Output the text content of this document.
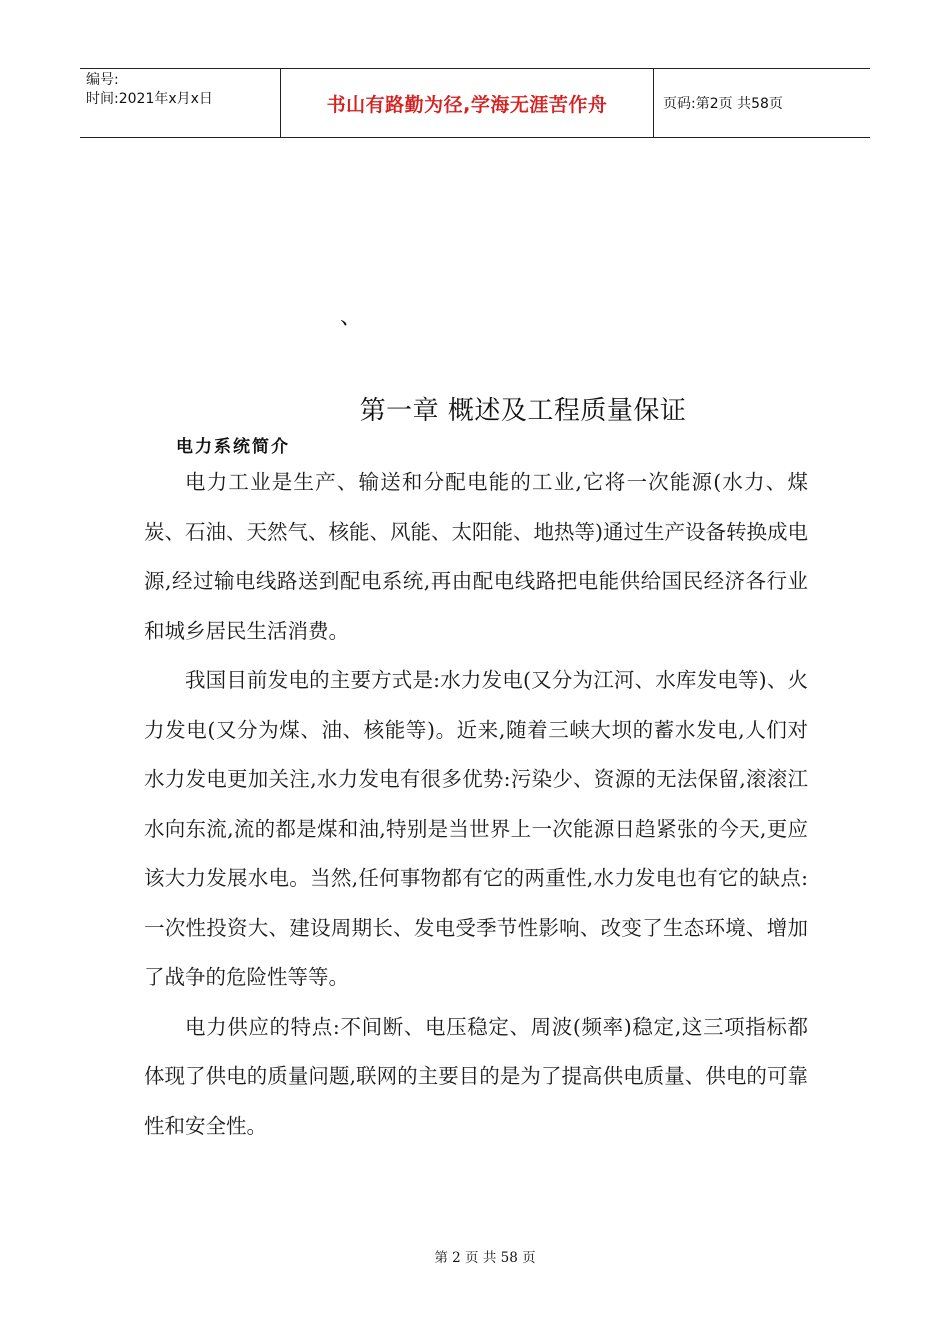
编号:
时间:2021年x月x日	书山有路勤为径,学海无涯苦作舟	页码:第2页 共58页
、
第一章 概述及工程质量保证
电力系统简介

电力工业是生产、输送和分配电能的工业,它将一次能源(水力、煤炭、石油、天然气、核能、风能、太阳能、地热等)通过生产设备转换成电源,经过输电线路送到配电系统,再由配电线路把电能供给国民经济各行业和城乡居民生活消费。

我国目前发电的主要方式是:水力发电(又分为江河、水库发电等)、火力发电(又分为煤、油、核能等)。近来,随着三峡大坝的蓄水发电,人们对水力发电更加关注,水力发电有很多优势:污染少、资源的无法保留,滚滚江水向东流,流的都是煤和油,特别是当世界上一次能源日趋紧张的今天,更应该大力发展水电。当然,任何事物都有它的两重性,水力发电也有它的缺点:一次性投资大、建设周期长、发电受季节性影响、改变了生态环境、增加了战争的危险性等等。

电力供应的特点:不间断、电压稳定、周波(频率)稳定,这三项指标都体现了供电的质量问题,联网的主要目的是为了提高供电质量、供电的可靠性和安全性。

第 2 页 共 58 页
